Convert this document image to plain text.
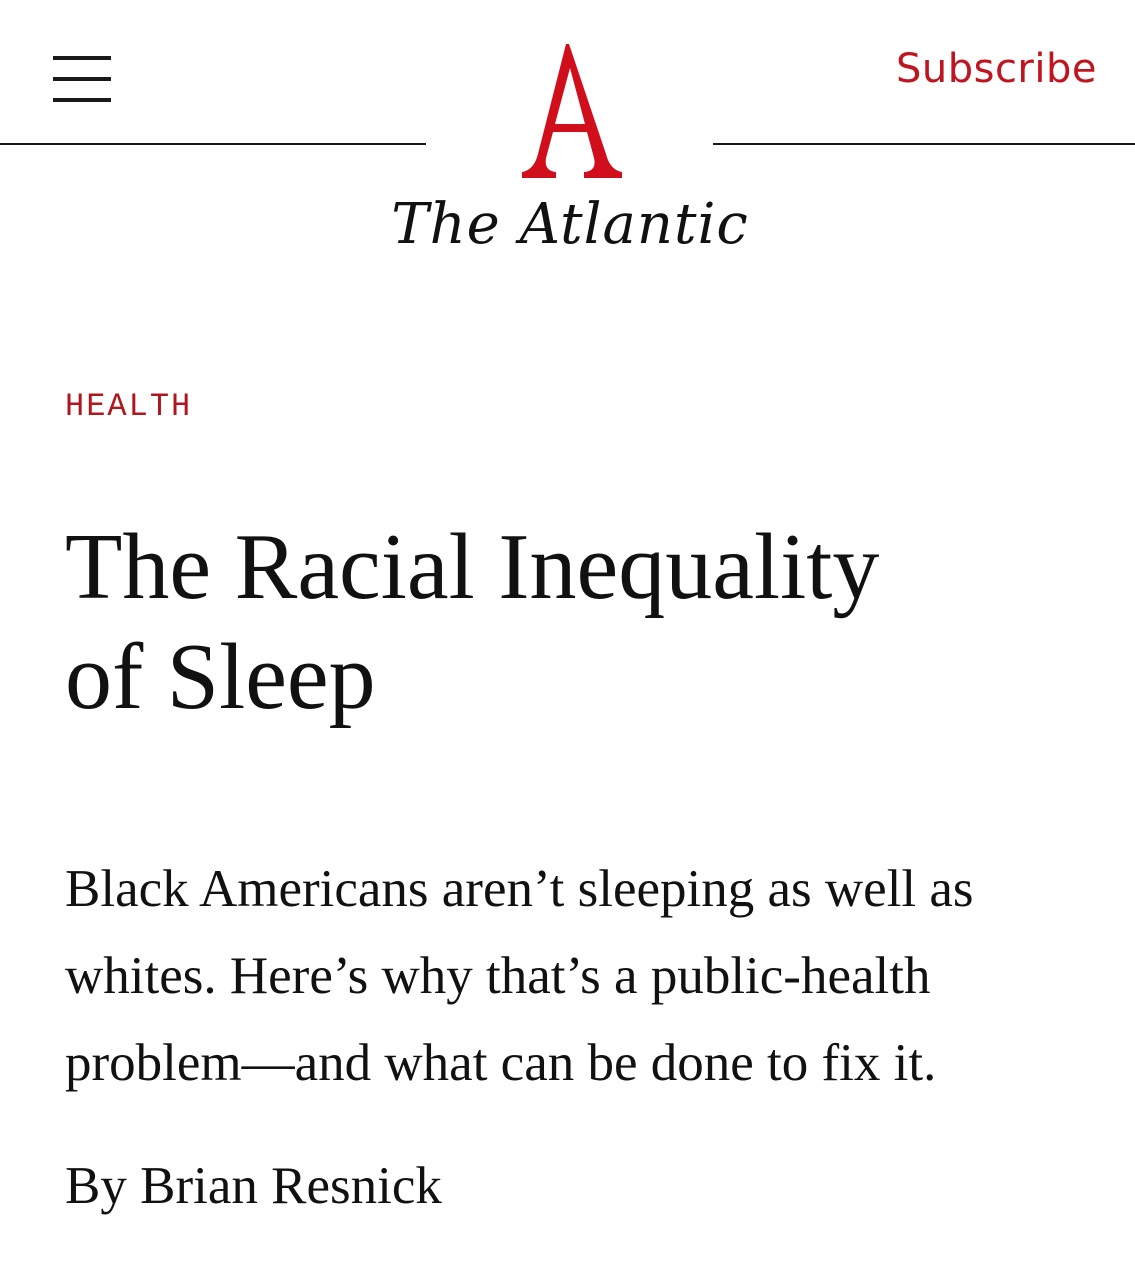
The Atlantic
Subscribe
HEALTH
The Racial Inequality
of Sleep

Black Americans aren’t sleeping as well as
whites. Here’s why that’s a public-health
problem—and what can be done to fix it.

By Brian Resnick
